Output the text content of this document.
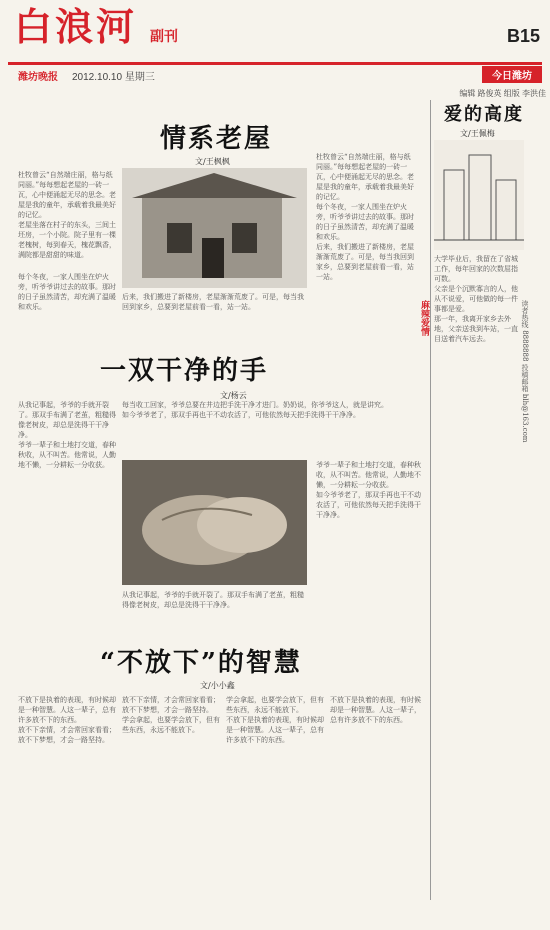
白浪河 副刊	B15
潍坊晚报 2012.10.10 星期三	今日潍坊
编辑 路俊英 组版 李洪佳
情系老屋
文/王枫枫
杜牧曾云“自然端庄丽，格与纸同丽。”每每想起老屋的一砖一瓦，心中便涌起无尽的思念。老屋是我的童年，承载着我最美好的记忆。
老屋坐落在村子的东头，三间土坯房，一个小院。院子里有一棵老槐树，每到春天，槐花飘香，满院都是甜甜的味道。
每个冬夜，一家人围坐在炉火旁，听爷爷讲过去的故事。那时的日子虽然清苦，却充满了温暖和欢乐。
后来，我们搬进了新楼房，老屋渐渐荒废了。可是，每当我回到家乡，总要到老屋前看一看，站一站。
杜牧曾云“自然端庄丽，格与纸同丽。”每每想起老屋的一砖一瓦，心中便涌起无尽的思念。老屋是我的童年，承载着我最美好的记忆。
每个冬夜，一家人围坐在炉火旁，听爷爷讲过去的故事。那时的日子虽然清苦，却充满了温暖和欢乐。
后来，我们搬进了新楼房，老屋渐渐荒废了。可是，每当我回到家乡，总要到老屋前看一看，站一站。
麻辣爱情	读者热线 8888888 投稿邮箱 blh@163.com
爱的高度
文/王佩梅
大学毕业后，我留在了省城工作，每年回家的次数屈指可数。
父亲是个沉默寡言的人，他从不说爱，可他做的每一件事都是爱。
那一年，我离开家乡去外地，父亲送我到车站，一直目送着汽车远去。
一双干净的手
文/杨云
从我记事起，爷爷的手就开裂了。那双手布满了老茧，粗糙得像老树皮，却总是洗得干干净净。
爷爷一辈子和土地打交道，春种秋收，从不叫苦。他常说，人勤地不懒，一分耕耘一分收获。
每当收工回家，爷爷总要在井边把手洗干净才进门。奶奶说，你爷爷这人，就是讲究。
如今爷爷老了，那双手再也干不动农活了，可他依然每天把手洗得干干净净。
爷爷一辈子和土地打交道，春种秋收，从不叫苦。他常说，人勤地不懒，一分耕耘一分收获。
如今爷爷老了，那双手再也干不动农活了，可他依然每天把手洗得干干净净。
从我记事起，爷爷的手就开裂了。那双手布满了老茧，粗糙得像老树皮，却总是洗得干干净净。
“不放下”的智慧
文/小小鑫
不放下是执着的表现，有时候却是一种智慧。人这一辈子，总有许多放不下的东西。
放不下亲情，才会常回家看看；放不下梦想，才会一路坚持。
放不下亲情，才会常回家看看；放不下梦想，才会一路坚持。
学会拿起，也要学会放下，但有些东西，永远不能放下。
学会拿起，也要学会放下，但有些东西，永远不能放下。
不放下是执着的表现，有时候却是一种智慧。人这一辈子，总有许多放不下的东西。
不放下是执着的表现，有时候却是一种智慧。人这一辈子，总有许多放不下的东西。
